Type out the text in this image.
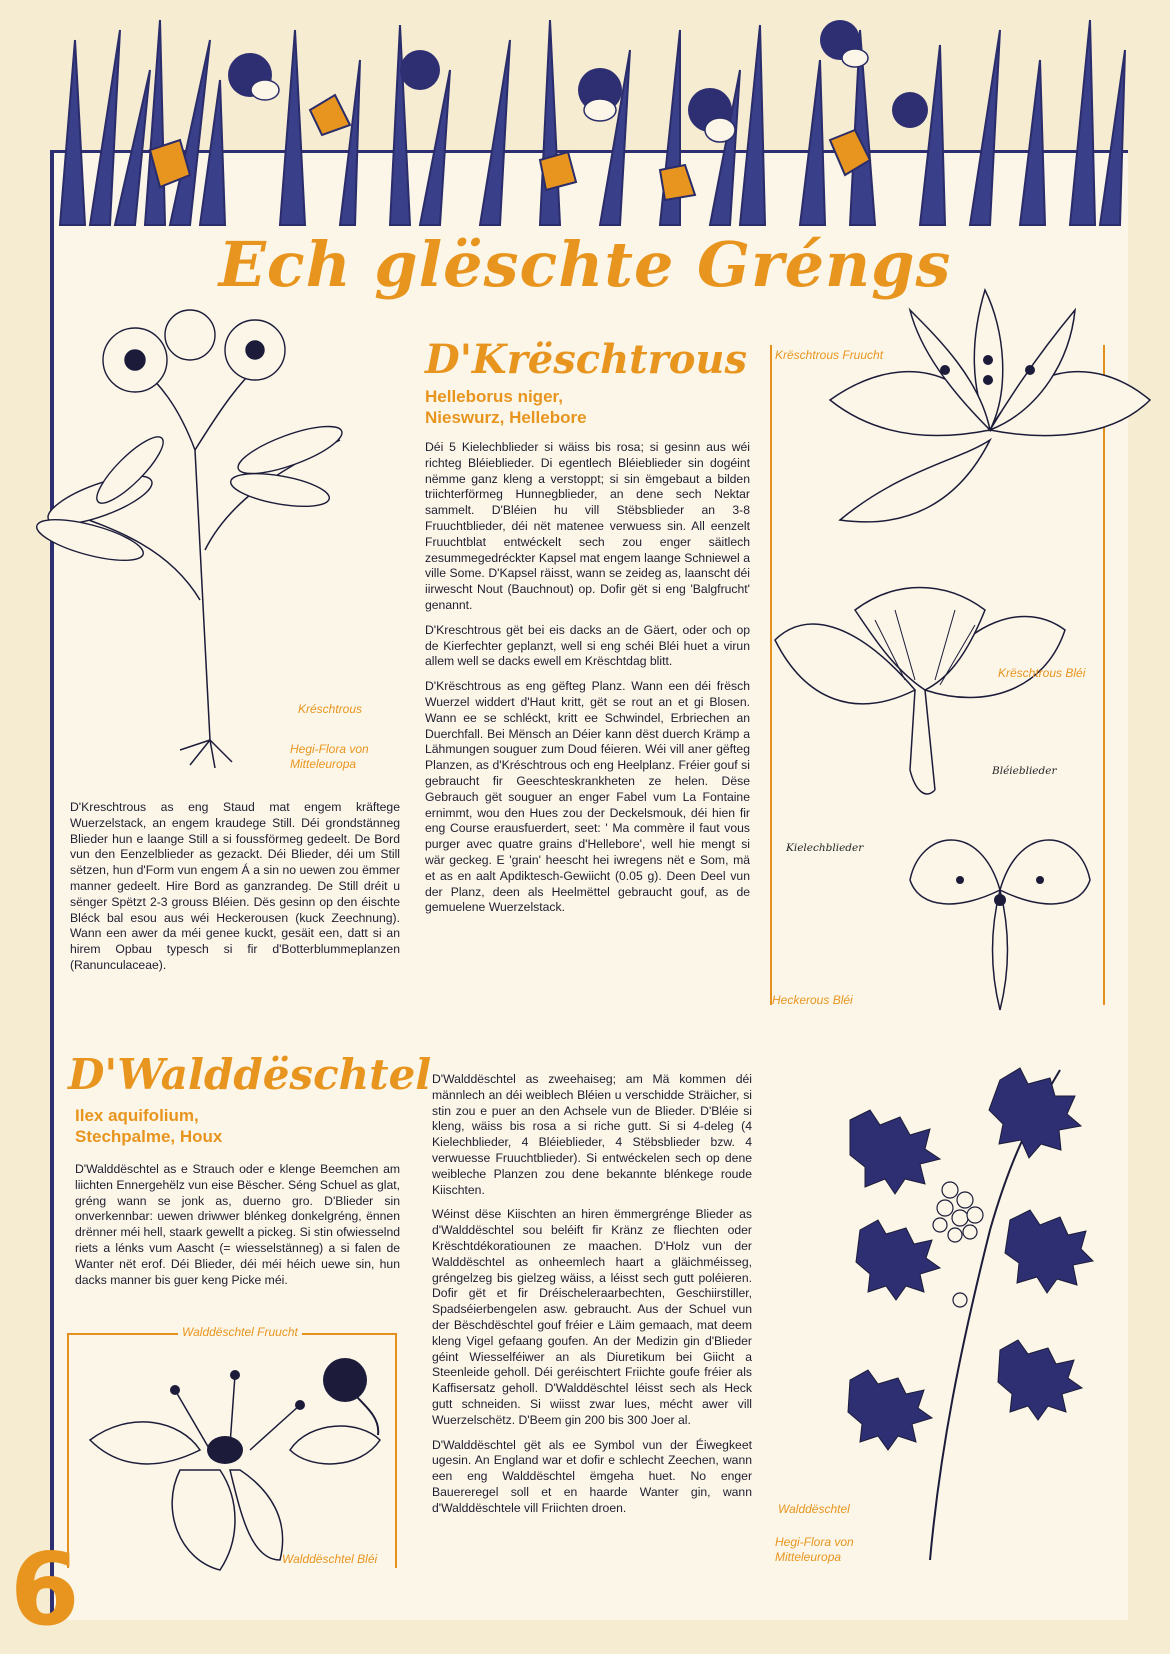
Ech glëschte Gréngs
Kréschtrous
Hegi-Flora von Mitteleuropa
D'Kreschtrous as eng Staud mat engem kräftege Wuerzelstack, an engem kraudege Still. Déi grondstänneg Blieder hun e laange Still a si foussförmeg gedeelt. De Bord vun den Eenzelblieder as gezackt. Déi Blieder, déi um Still sëtzen, hun d'Form vun engem Á a sin no uewen zou ëmmer manner gedeelt. Hire Bord as ganzrandeg. De Still dréit u sënger Spëtzt 2-3 grouss Bléien. Dës gesinn op den éischte Bléck bal esou aus wéi Heckerousen (kuck Zeechnung). Wann een awer da méi genee kuckt, gesäit een, datt si an hirem Opbau typesch si fir d'Botterblummeplanzen (Ranunculaceae).
D'Krëschtrous
Helleborus niger,
Nieswurz, Hellebore

Déi 5 Kielechblieder si wäiss bis rosa; si gesinn aus wéi richteg Bléieblieder. Di egentlech Bléieblieder sin dogéint nëmme ganz kleng a verstoppt; si sin ëmgebaut a bilden triichterförmeg Hunnegblieder, an dene sech Nektar sammelt. D'Bléien hu vill Stëbsblieder an 3-8 Fruuchtblieder, déi nët matenee verwuess sin. All eenzelt Fruuchtblat entwéckelt sech zou enger säitlech zesummegedréckter Kapsel mat engem laange Schniewel a ville Some. D'Kapsel räisst, wann se zeideg as, laanscht déi iirwescht Nout (Bauchnout) op. Dofir gët si eng 'Balgfrucht' genannt.

D'Kreschtrous gët bei eis dacks an de Gäert, oder och op de Kierfechter geplanzt, well si eng schéi Bléi huet a virun allem well se dacks ewell em Krëschtdag blitt.

D'Krëschtrous as eng gëfteg Planz. Wann een déi frësch Wuerzel widdert d'Haut kritt, gët se rout an et gi Blosen. Wann ee se schléckt, kritt ee Schwindel, Erbriechen an Duerchfall. Bei Mënsch an Déier kann dëst duerch Krämp a Lähmungen souguer zum Doud féieren. Wéi vill aner gëfteg Planzen, as d'Kréschtrous och eng Heelplanz. Fréier gouf si gebraucht fir Geeschteskrankheten ze helen. Dëse Gebrauch gët souguer an enger Fabel vum La Fontaine ernimmt, wou den Hues zou der Deckelsmouk, déi hien fir eng Course erausfuerdert, seet: ' Ma commère il faut vous purger avec quatre grains d'Hellebore', well hie mengt si wär geckeg. E 'grain' heescht hei iwregens nët e Som, mä et as en aalt Apdiktesch-Gewiicht (0.05 g). Deen Deel vun der Planz, deen als Heelmëttel gebraucht gouf, as de gemuelene Wuerzelstack.

Krëschtrous Fruucht
Krëschtrous Bléi
Bléieblieder
Kielechblieder
Heckerous Bléi
D'Walddëschtel
Ilex aquifolium,
Stechpalme, Houx
D'Walddëschtel as e Strauch oder e klenge Beemchen am liichten Ennergehëlz vun eise Bëscher. Séng Schuel as glat, gréng wann se jonk as, duerno gro. D'Blieder sin onverkennbar: uewen driwwer blénkeg donkelgréng, ënnen drënner méi hell, staark gewellt a pickeg. Si stin ofwiesselnd riets a lénks vum Aascht (= wiesselstänneg) a si falen de Wanter nët erof. Déi Blieder, déi méi héich uewe sin, hun dacks manner bis guer keng Picke méi.
Walddëschtel Fruucht
Walddëschtel Bléi

D'Walddëschtel as zweehaiseg; am Mä kommen déi männlech an déi weiblech Bléien u verschidde Sträicher, si stin zou e puer an den Achsele vun de Blieder. D'Bléie si kleng, wäiss bis rosa a si riche gutt. Si si 4-deleg (4 Kielechblieder, 4 Bléieblieder, 4 Stëbsblieder bzw. 4 verwuesse Fruuchtblieder). Si entwéckelen sech op dene weibleche Planzen zou dene bekannte blénkege roude Kiischten.

Wéinst dëse Kiischten an hiren ëmmergrénge Blieder as d'Walddëschtel sou beléift fir Kränz ze fliechten oder Krëschtdékoratiounen ze maachen. D'Holz vun der Walddëschtel as onheemlech haart a gläichméisseg, gréngelzeg bis gielzeg wäiss, a léisst sech gutt poléieren. Dofir gët et fir Dréischeleraarbechten, Geschiirstiller, Spadséierbengelen asw. gebraucht. Aus der Schuel vun der Bëschdëschtel gouf fréier e Läim gemaach, mat deem kleng Vigel gefaang goufen. An der Medizin gin d'Blieder géint Wiesselféiwer an als Diuretikum bei Giicht a Steenleide geholl. Déi geréischtert Friichte goufe fréier als Kaffisersatz geholl. D'Walddëschtel léisst sech als Heck gutt schneiden. Si wiisst zwar lues, mécht awer vill Wuerzelschëtz. D'Beem gin 200 bis 300 Joer al.

D'Walddëschtel gët als ee Symbol vun der Éiwegkeet ugesin. An England war et dofir e schlecht Zeechen, wann een eng Walddëschtel ëmgeha huet. No enger Bauereregel soll et en haarde Wanter gin, wann d'Walddëschtele vill Friichten droen.	Walddëschtel
Hegi-Flora von Mitteleuropa
6
